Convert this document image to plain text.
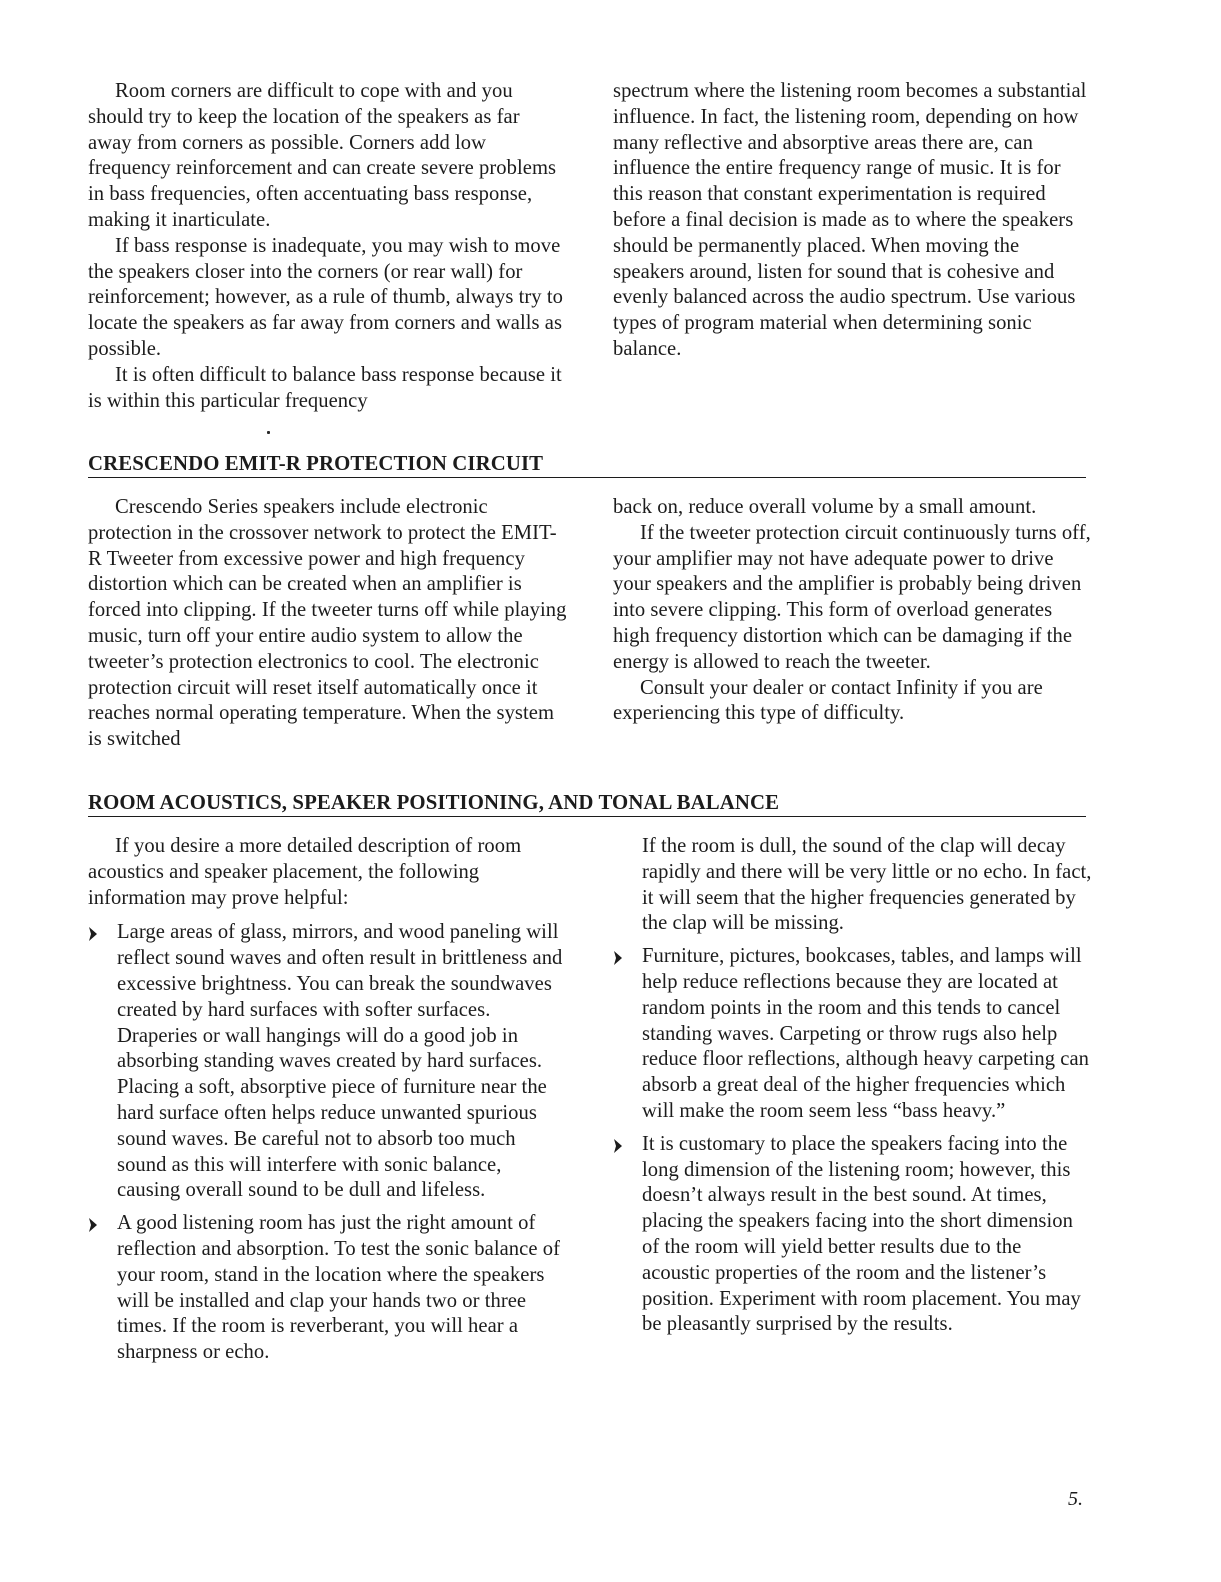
Room corners are difficult to cope with and you should try to keep the location of the speakers as far away from corners as possible. Corners add low frequency reinforcement and can create severe problems in bass frequencies, often accentuating bass response, making it inarticulate.

If bass response is inadequate, you may wish to move the speakers closer into the corners (or rear wall) for reinforcement; however, as a rule of thumb, always try to locate the speakers as far away from corners and walls as possible.

It is often difficult to balance bass response because it is within this particular frequency

spectrum where the listening room becomes a substantial influence. In fact, the listening room, depending on how many reflective and absorptive areas there are, can influence the entire frequency range of music. It is for this reason that constant experimentation is required before a final decision is made as to where the speakers should be permanently placed. When moving the speakers around, listen for sound that is cohesive and evenly balanced across the audio spectrum. Use various types of program material when determining sonic balance.

CRESCENDO EMIT-R PROTECTION CIRCUIT

Crescendo Series speakers include electronic protection in the crossover network to protect the EMIT-R Tweeter from excessive power and high frequency distortion which can be created when an amplifier is forced into clipping. If the tweeter turns off while playing music, turn off your entire audio system to allow the tweeter’s protection electronics to cool. The electronic protection circuit will reset itself automatically once it reaches normal operating temperature. When the system is switched

back on, reduce overall volume by a small amount.

If the tweeter protection circuit continuously turns off, your amplifier may not have adequate power to drive your speakers and the amplifier is probably being driven into severe clipping. This form of overload generates high frequency distortion which can be damaging if the energy is allowed to reach the tweeter.

Consult your dealer or contact Infinity if you are experiencing this type of difficulty.

ROOM ACOUSTICS, SPEAKER POSITIONING, AND TONAL BALANCE

If you desire a more detailed description of room acoustics and speaker placement, the following information may prove helpful:

Large areas of glass, mirrors, and wood paneling will reflect sound waves and often result in brittleness and excessive brightness. You can break the soundwaves created by hard surfaces with softer surfaces. Draperies or wall hangings will do a good job in absorbing standing waves created by hard surfaces. Placing a soft, absorptive piece of furniture near the hard surface often helps reduce unwanted spurious sound waves. Be careful not to absorb too much sound as this will interfere with sonic balance, causing overall sound to be dull and lifeless.
A good listening room has just the right amount of reflection and absorption. To test the sonic balance of your room, stand in the location where the speakers will be installed and clap your hands two or three times. If the room is reverberant, you will hear a sharpness or echo.
If the room is dull, the sound of the clap will decay rapidly and there will be very little or no echo. In fact, it will seem that the higher frequencies generated by the clap will be missing.
Furniture, pictures, bookcases, tables, and lamps will help reduce reflections because they are located at random points in the room and this tends to cancel standing waves. Carpeting or throw rugs also help reduce floor reflections, although heavy carpeting can absorb a great deal of the higher frequencies which will make the room seem less “bass heavy.”
It is customary to place the speakers facing into the long dimension of the listening room; however, this doesn’t always result in the best sound. At times, placing the speakers facing into the short dimension of the room will yield better results due to the acoustic properties of the room and the listener’s position. Experiment with room placement. You may be pleasantly surprised by the results.
5.
